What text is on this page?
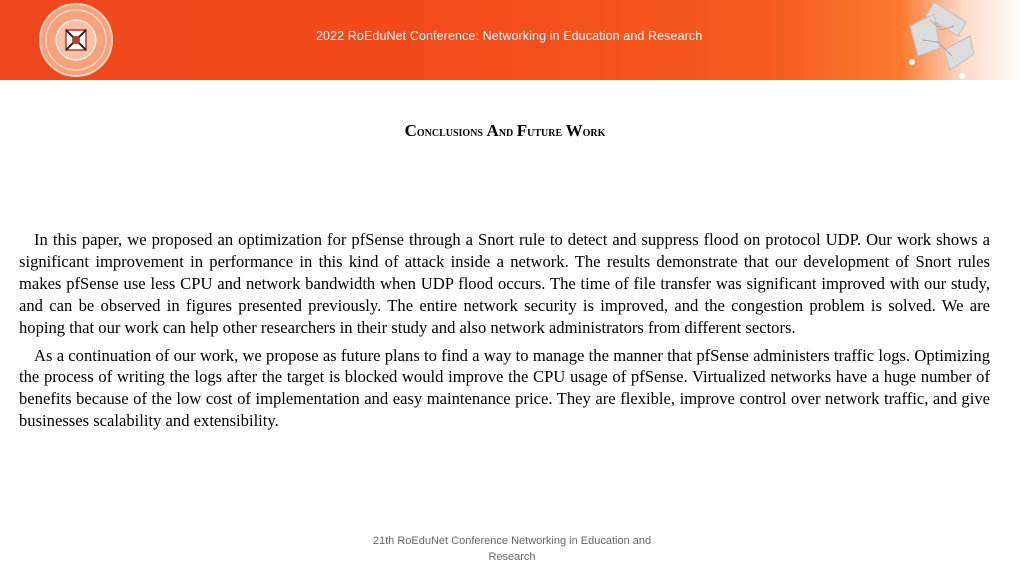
2022 RoEduNet Conference: Networking in Education and Research
Conclusions And Future Work

In this paper, we proposed an optimization for pfSense through a Snort rule to detect and suppress flood on protocol UDP. Our work shows a significant improvement in performance in this kind of attack inside a network. The results demonstrate that our development of Snort rules makes pfSense use less CPU and network bandwidth when UDP flood occurs. The time of file transfer was significant improved with our study, and can be observed in figures presented previously. The entire network security is improved, and the congestion problem is solved. We are hoping that our work can help other researchers in their study and also network administrators from different sectors.

As a continuation of our work, we propose as future plans to find a way to manage the manner that pfSense administers traffic logs. Optimizing the process of writing the logs after the target is blocked would improve the CPU usage of pfSense. Virtualized networks have a huge number of benefits because of the low cost of implementation and easy maintenance price. They are flexible, improve control over network traffic, and give businesses scalability and extensibility.

21th RoEduNet Conference Networking in Education and
Research
